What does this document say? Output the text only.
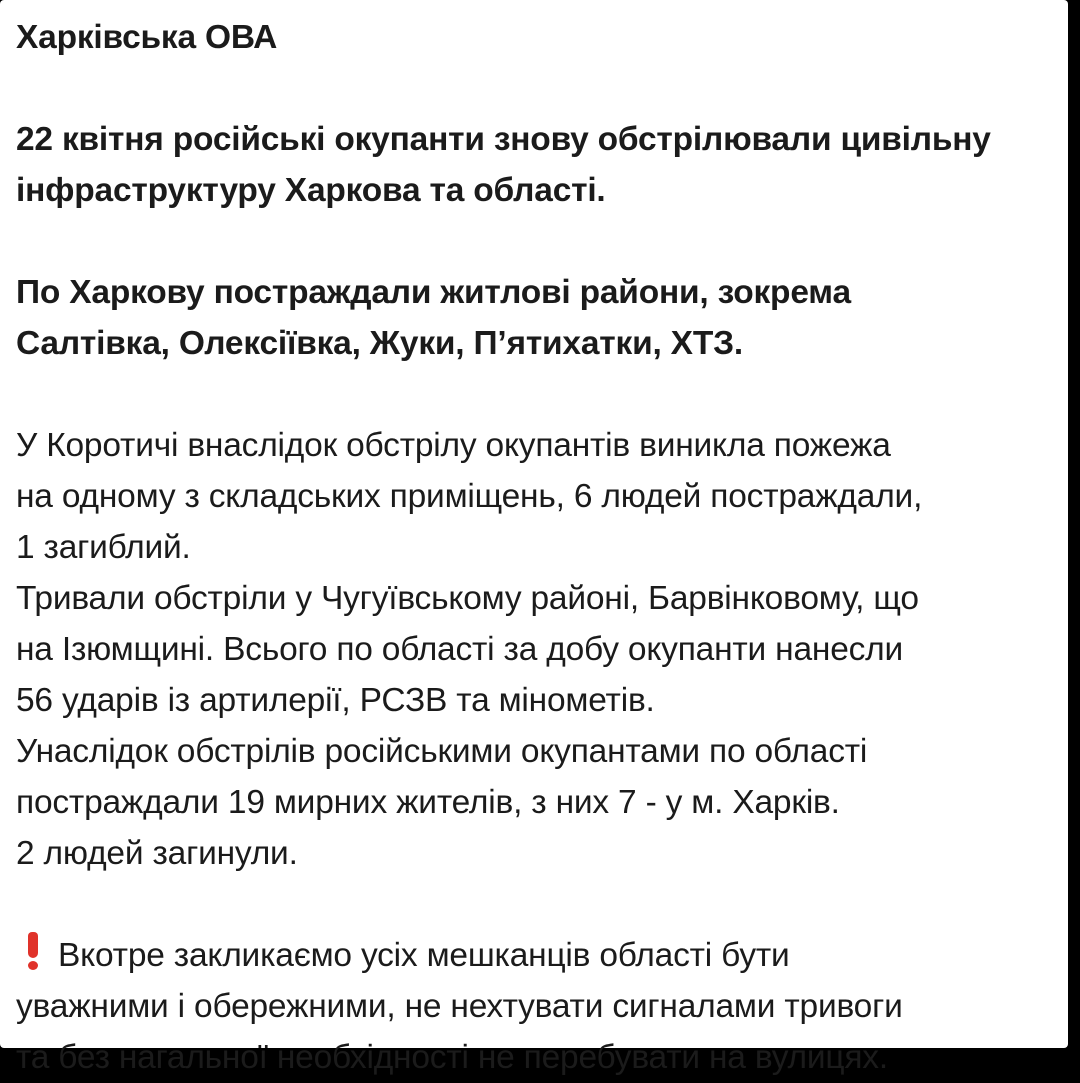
Харківська ОВА

22 квітня російські окупанти знову обстрілювали цивільну
інфраструктуру Харкова та області.

По Харкову постраждали житлові райони, зокрема
Салтівка, Олексіївка, Жуки, П’ятихатки, ХТЗ.

У Коротичі внаслідок обстрілу окупантів виникла пожежа
на одному з складських приміщень, 6 людей постраждали,
1 загиблий.
Тривали обстріли у Чугуївському районі, Барвінковому, що
на Ізюмщині. Всього по області за добу окупанти нанесли
56 ударів із артилерії, РСЗВ та мінометів.
Унаслідок обстрілів російськими окупантами по області
постраждали 19 мирних жителів, з них 7 - у м. Харків.
2 людей загинули.

Вкотре закликаємо усіх мешканців області бути
уважними і обережними, не нехтувати сигналами тривоги
та без нагальної необхідності не перебувати на вулицях.
